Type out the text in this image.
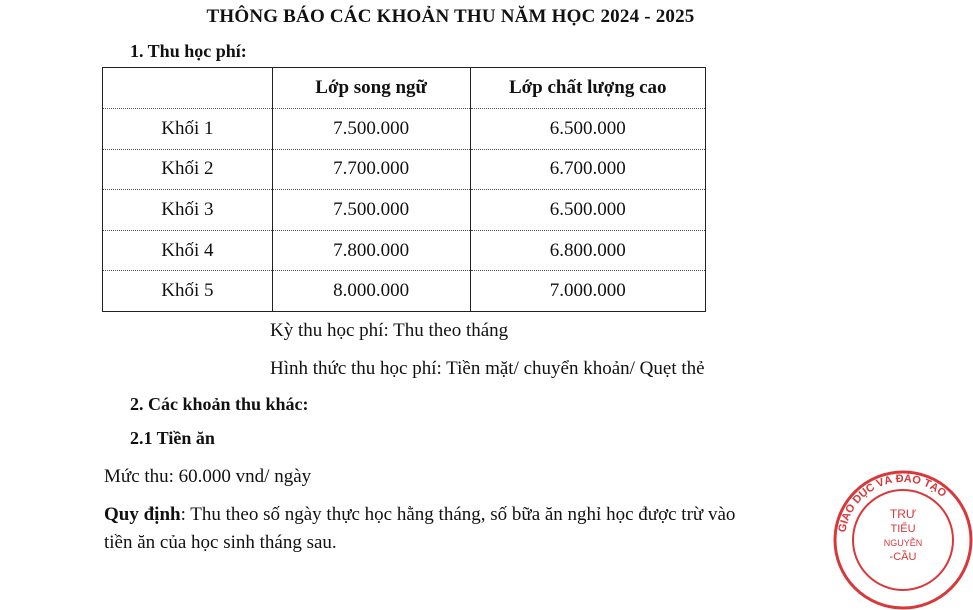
THÔNG BÁO CÁC KHOẢN THU NĂM HỌC 2024 - 2025
1. Thu học phí:
	Lớp song ngữ	Lớp chất lượng cao
Khối 1	7.500.000	6.500.000
Khối 2	7.700.000	6.700.000
Khối 3	7.500.000	6.500.000
Khối 4	7.800.000	6.800.000
Khối 5	8.000.000	7.000.000
Kỳ thu học phí: Thu theo tháng
Hình thức thu học phí: Tiền mặt/ chuyển khoản/ Quẹt thẻ
2. Các khoản thu khác:
2.1 Tiền ăn
Mức thu: 60.000 vnd/ ngày
Quy định: Thu theo số ngày thực học hằng tháng, số bữa ăn nghỉ học được trừ vào
tiền ăn của học sinh tháng sau.
GIÁO DỤC VÀ ĐÀO TẠO
TRƯ
TIỂU
NGUYỄN
-CẦU
